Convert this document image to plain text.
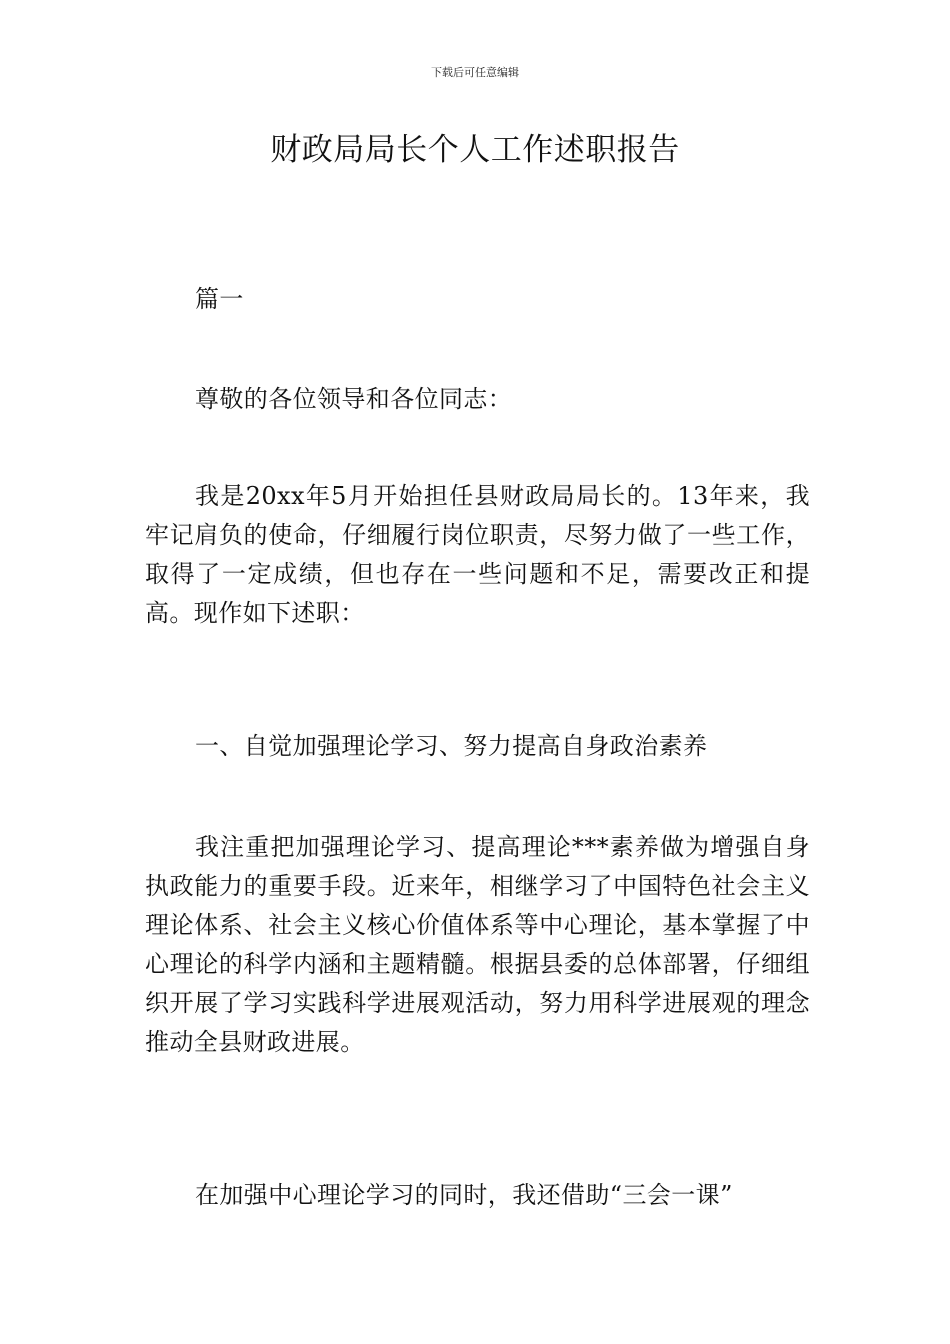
下载后可任意编辑
财政局局长个人工作述职报告

篇一

尊敬的各位领导和各位同志：

我是20xx年5月开始担任县财政局局长的。13年来，我牢记肩负的使命，仔细履行岗位职责，尽努力做了一些工作，取得了一定成绩，但也存在一些问题和不足，需要改正和提高。现作如下述职：

一、自觉加强理论学习、努力提高自身政治素养

我注重把加强理论学习、提高理论***素养做为增强自身执政能力的重要手段。近来年，相继学习了中国特色社会主义理论体系、社会主义核心价值体系等中心理论，基本掌握了中心理论的科学内涵和主题精髓。根据县委的总体部署，仔细组织开展了学习实践科学进展观活动，努力用科学进展观的理念推动全县财政进展。

在加强中心理论学习的同时，我还借助“三会一课”
